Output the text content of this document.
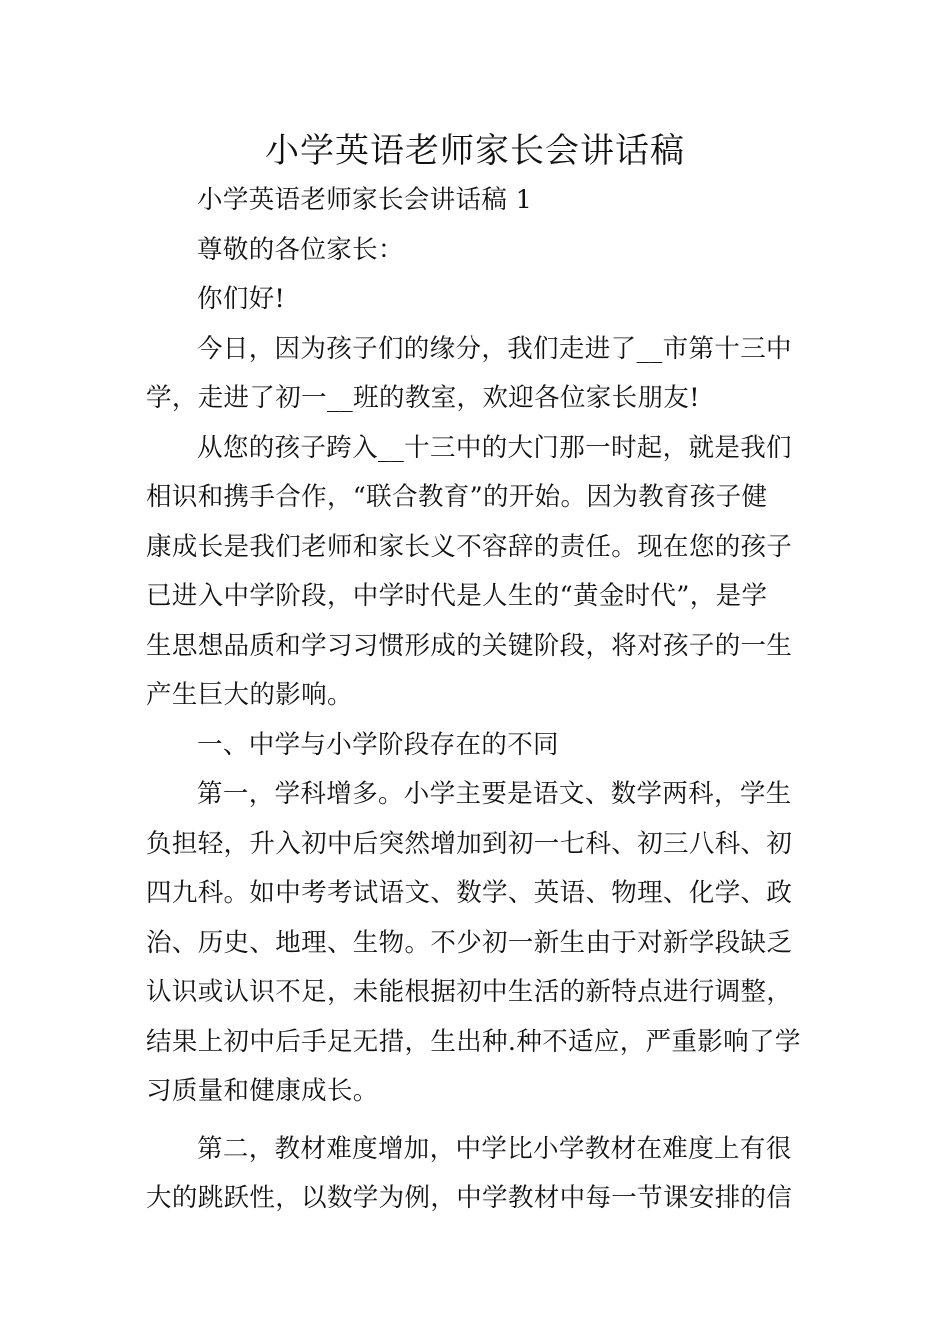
小学英语老师家长会讲话稿
小学英语老师家长会讲话稿 1
尊敬的各位家长：
你们好!
今日，因为孩子们的缘分，我们走进了__市第十三中
学，走进了初一__班的教室，欢迎各位家长朋友!
从您的孩子跨入__十三中的大门那一时起，就是我们
相识和携手合作，“联合教育”的开始。因为教育孩子健
康成长是我们老师和家长义不容辞的责任。现在您的孩子
已进入中学阶段，中学时代是人生的“黄金时代”，是学
生思想品质和学习习惯形成的关键阶段，将对孩子的一生
产生巨大的影响。
一、中学与小学阶段存在的不同
第一，学科增多。小学主要是语文、数学两科，学生
负担轻，升入初中后突然增加到初一七科、初三八科、初
四九科。如中考考试语文、数学、英语、物理、化学、政
治、历史、地理、生物。不少初一新生由于对新学段缺乏
认识或认识不足，未能根据初中生活的新特点进行调整，
结果上初中后手足无措，生出种.种不适应，严重影响了学
习质量和健康成长。
第二，教材难度增加，中学比小学教材在难度上有很
大的跳跃性，以数学为例，中学教材中每一节课安排的信
